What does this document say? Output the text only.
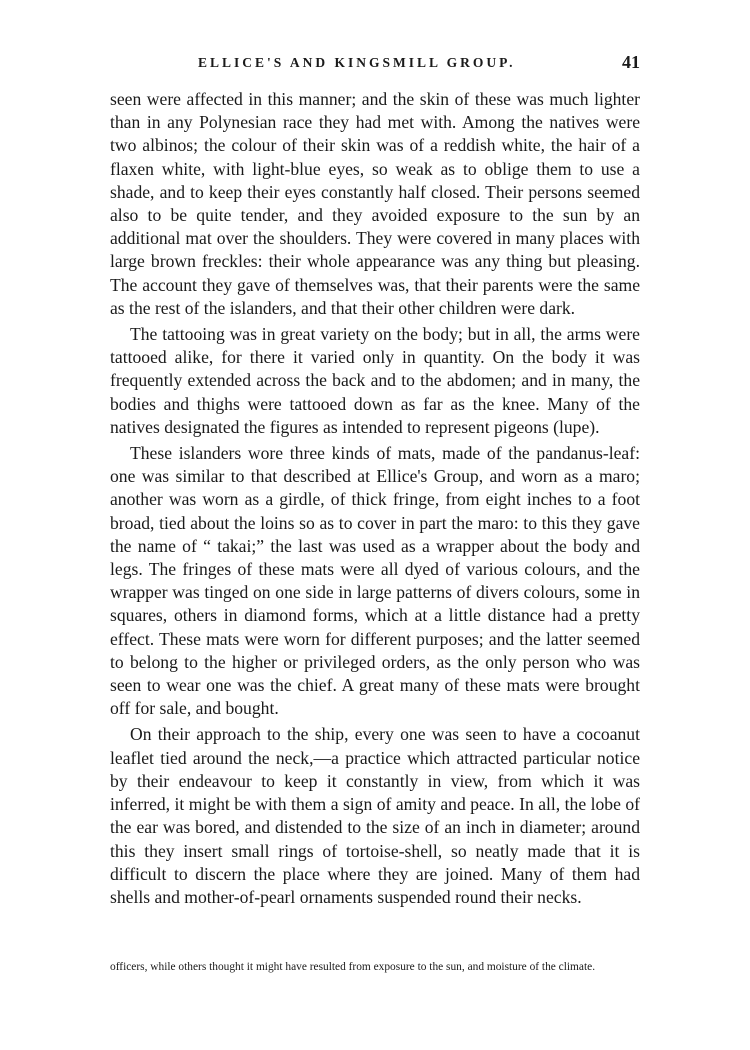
ELLICE'S AND KINGSMILL GROUP.	41

seen were affected in this manner; and the skin of these was much lighter than in any Polynesian race they had met with. Among the natives were two albinos; the colour of their skin was of a reddish white, the hair of a flaxen white, with light-blue eyes, so weak as to oblige them to use a shade, and to keep their eyes constantly half closed. Their persons seemed also to be quite tender, and they avoided exposure to the sun by an additional mat over the shoulders. They were covered in many places with large brown freckles: their whole appearance was any thing but pleasing. The account they gave of themselves was, that their parents were the same as the rest of the islanders, and that their other children were dark.

The tattooing was in great variety on the body; but in all, the arms were tattooed alike, for there it varied only in quantity. On the body it was frequently extended across the back and to the abdomen; and in many, the bodies and thighs were tattooed down as far as the knee. Many of the natives designated the figures as intended to represent pigeons (lupe).

These islanders wore three kinds of mats, made of the pandanus-leaf: one was similar to that described at Ellice's Group, and worn as a maro; another was worn as a girdle, of thick fringe, from eight inches to a foot broad, tied about the loins so as to cover in part the maro: to this they gave the name of “ takai;” the last was used as a wrapper about the body and legs. The fringes of these mats were all dyed of various colours, and the wrapper was tinged on one side in large patterns of divers colours, some in squares, others in diamond forms, which at a little distance had a pretty effect. These mats were worn for different purposes; and the latter seemed to belong to the higher or privileged orders, as the only person who was seen to wear one was the chief. A great many of these mats were brought off for sale, and bought.

On their approach to the ship, every one was seen to have a cocoanut leaflet tied around the neck,—a practice which attracted particular notice by their endeavour to keep it constantly in view, from which it was inferred, it might be with them a sign of amity and peace. In all, the lobe of the ear was bored, and distended to the size of an inch in diameter; around this they insert small rings of tortoise-shell, so neatly made that it is difficult to discern the place where they are joined. Many of them had shells and mother-of-pearl ornaments suspended round their necks.

officers, while others thought it might have resulted from exposure to the sun, and moisture of the climate.
